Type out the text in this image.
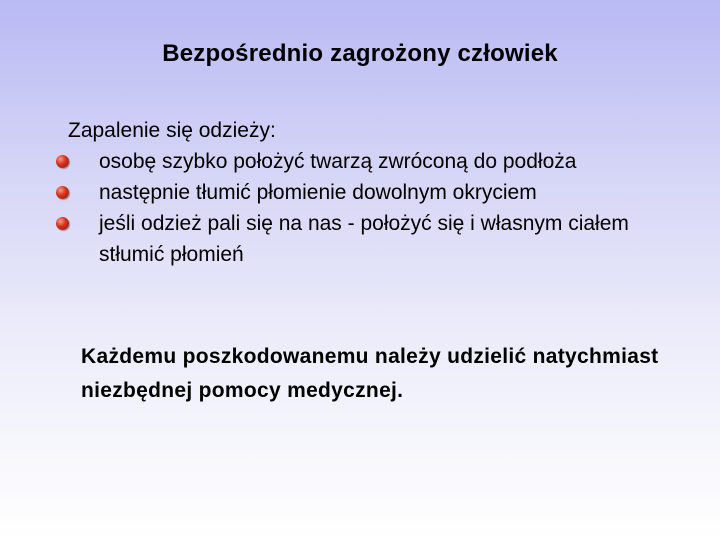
Bezpośrednio zagrożony człowiek
Zapalenie się odzieży:
osobę szybko położyć twarzą zwróconą do podłoża
następnie tłumić płomienie dowolnym okryciem
jeśli odzież pali się na nas - położyć się i własnym ciałem stłumić płomień
Każdemu poszkodowanemu należy udzielić natychmiast niezbędnej pomocy medycznej.
